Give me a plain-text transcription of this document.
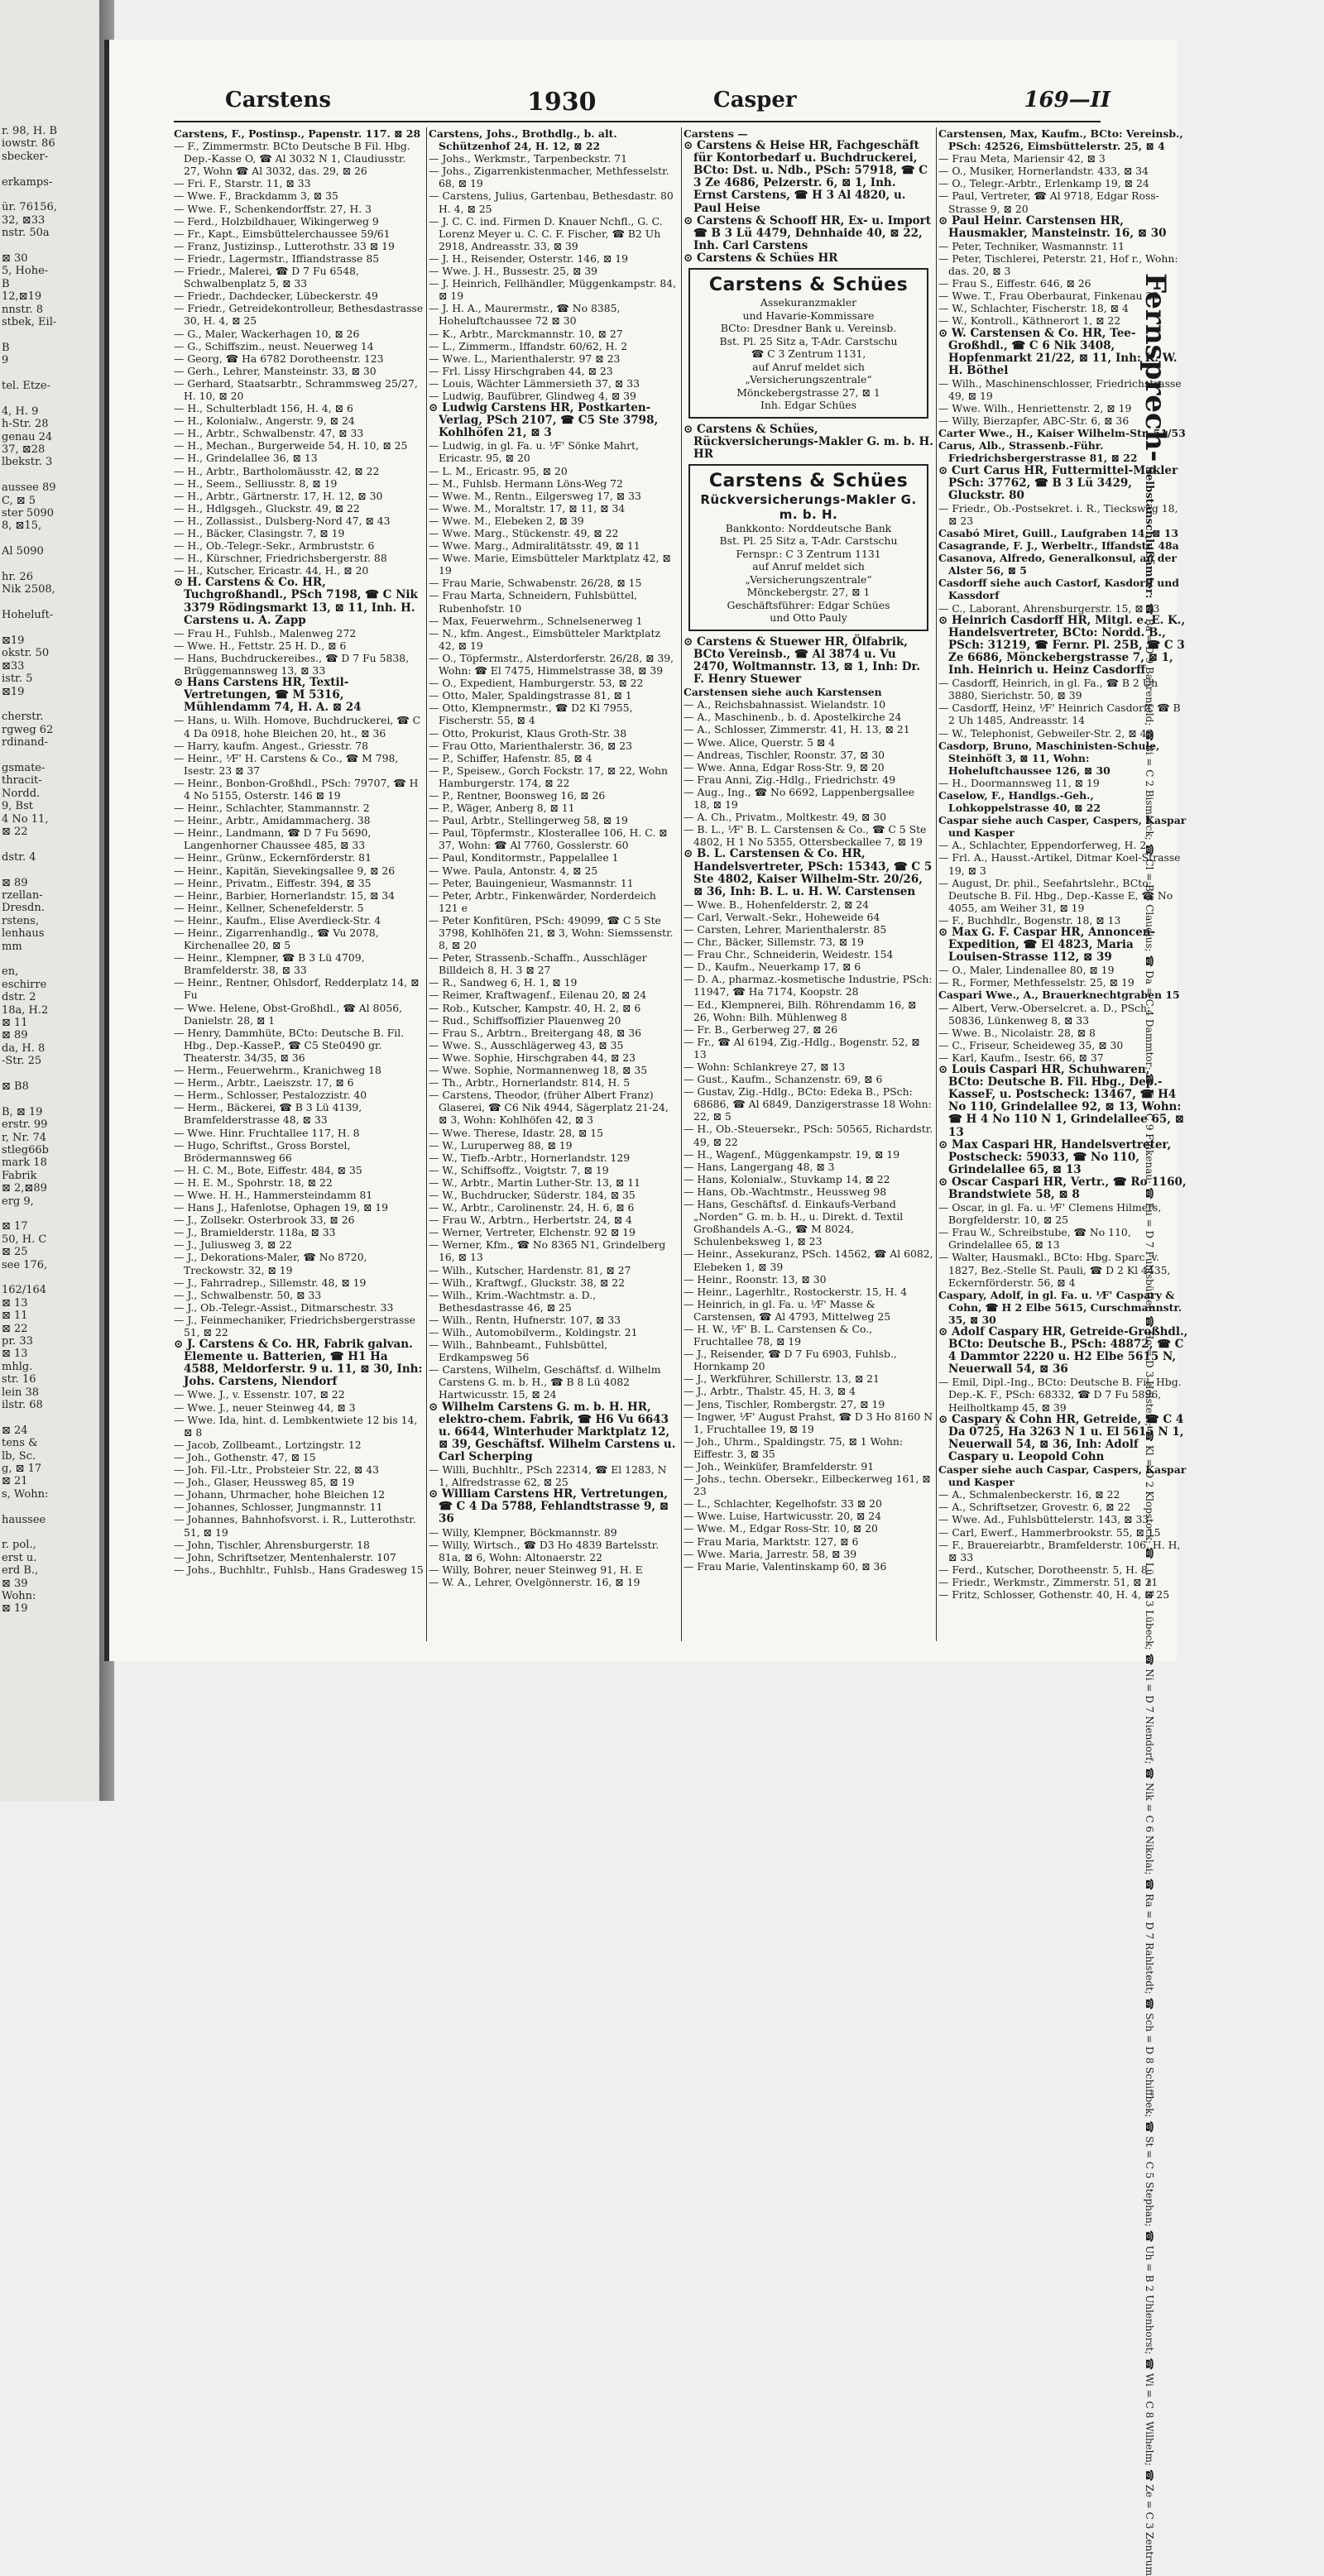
r. 98, H. B
iowstr. 86
sbecker-
erkamps-
ür. 76156,
32, ⊠33
nstr. 50a
⊠ 30
5, Hohe-
B
12,⊠19
nnstr. 8
stbek, Eil-
B
9
tel. Etze-
4, H. 9
h-Str. 28
genau 24
37, ⊠28
lbekstr. 3
aussee 89
C, ⊠ 5
ster 5090
8, ⊠15,
Al 5090
hr. 26
Nik 2508,
Hoheluft-
⊠19
okstr. 50
⊠33
istr. 5
⊠19
cherstr.
rgweg 62
rdinand-
gsmate-
thracit-
Nordd.
9, Bst
4 No 11,
⊠ 22
dstr. 4
⊠ 89
rzellan-
Dresdn.
rstens,
lenhaus
mm
en,
eschirre
dstr. 2
18a, H.2
⊠ 11
⊠ 89
da, H. 8
-Str. 25
⊠ B8
B, ⊠ 19
erstr. 99
r, Nr. 74
stleg66b
mark 18
Fabrik
⊠ 2,⊠89
erg 9,
⊠ 17
50, H. C
⊠ 25
see 176,
162/164
⊠ 13
⊠ 11
⊠ 22
pr. 33
⊠ 13
mhlg.
str. 16
lein 38
ilstr. 68
⊠ 24
tens &
lb, Sc.
g, ⊠ 17
⊠ 21
s, Wohn:
haussee
r. pol.,
erst u.
erd B.,
⊠ 39
Wohn:
⊠ 19
Carstens	1930	Casper	169—II

Carstens, F., Postinsp., Papenstr. 117. ⊠ 28

— F., Zimmermstr. BCto Deutsche B Fil. Hbg. Dep.-Kasse O, ☎ Al 3032 N 1, Claudiusstr. 27, Wohn ☎ Al 3032, das. 29, ⊠ 26

— Fri. F., Starstr. 11, ⊠ 33

— Wwe. F., Brackdamm 3, ⊠ 35

— Wwe. F., Schenkendorffstr. 27, H. 3

— Ferd., Holzbildhauer, Wikingerweg 9

— Fr., Kapt., Eimsbüttelerchaussee 59/61

— Franz, Justizinsp., Lutterothstr. 33 ⊠ 19

— Friedr., Lagermstr., Iffiandstrasse 85

— Friedr., Malerei, ☎ D 7 Fu 6548, Schwalbenplatz 5, ⊠ 33

— Friedr., Dachdecker, Lübeckerstr. 49

— Friedr., Getreidekontrolleur, Bethesdastrasse 30, H. 4, ⊠ 25

— G., Maler, Wackerhagen 10, ⊠ 26

— G., Schiffszim., neust. Neuerweg 14

— Georg, ☎ Ha 6782 Dorotheenstr. 123

— Gerh., Lehrer, Mansteinstr. 33, ⊠ 30

— Gerhard, Staatsarbtr., Schrammsweg 25/27, H. 10, ⊠ 20

— H., Schulterbladt 156, H. 4, ⊠ 6

— H., Kolonialw., Angerstr. 9, ⊠ 24

— H., Arbtr., Schwalbenstr. 47, ⊠ 33

— H., Mechan., Burgerweide 54, H. 10, ⊠ 25

— H., Grindelallee 36, ⊠ 13

— H., Arbtr., Bartholomäusstr. 42, ⊠ 22

— H., Seem., Selliusstr. 8, ⊠ 19

— H., Arbtr., Gärtnerstr. 17, H. 12, ⊠ 30

— H., Hdlgsgeh., Gluckstr. 49, ⊠ 22

— H., Zollassist., Dulsberg-Nord 47, ⊠ 43

— H., Bäcker, Clasingstr. 7, ⊠ 19

— H., Ob.-Telegr.-Sekr., Armbruststr. 6

— H., Kürschner, Friedrichsbergerstr. 88

— H., Kutscher, Ericastr. 44, H., ⊠ 20

⊙ H. Carstens & Co. HR, Tuchgroßhandl., PSch 7198, ☎ C Nik 3379 Rödingsmarkt 13, ⊠ 11, Inh. H. Carstens u. A. Zapp

— Frau H., Fuhlsb., Malenweg 272

— Wwe. H., Fettstr. 25 H. D., ⊠ 6

— Hans, Buchdruckereibes., ☎ D 7 Fu 5838, Brüggemannsweg 13, ⊠ 33

⊙ Hans Carstens HR, Textil-Vertretungen, ☎ M 5316, Mühlendamm 74, H. A. ⊠ 24

— Hans, u. Wilh. Homove, Buchdruckerei, ☎ C 4 Da 0918, hohe Bleichen 20, ht., ⊠ 36

— Harry, kaufm. Angest., Griesstr. 78

— Heinr., ⅟F' H. Carstens & Co., ☎ M 798, Isestr. 23 ⊠ 37

— Heinr., Bonbon-Großhdl., PSch: 79707, ☎ H 4 No 5155, Osterstr. 146 ⊠ 19

— Heinr., Schlachter, Stammannstr. 2

— Heinr., Arbtr., Amidammacherg. 38

— Heinr., Landmann, ☎ D 7 Fu 5690, Langenhorner Chaussee 485, ⊠ 33

— Heinr., Grünw., Eckernförderstr. 81

— Heinr., Kapitän, Sievekingsallee 9, ⊠ 26

— Heinr., Privatm., Eiffestr. 394, ⊠ 35

— Heinr., Barbier, Hornerlandstr. 15, ⊠ 34

— Heinr., Kellner, Schenefelderstr. 5

— Heinr., Kaufm., Elise Averdieck-Str. 4

— Heinr., Zigarrenhandlg., ☎ Vu 2078, Kirchenallee 20, ⊠ 5

— Heinr., Klempner, ☎ B 3 Lü 4709, Bramfelderstr. 38, ⊠ 33

— Heinr., Rentner, Ohlsdorf, Redderplatz 14, ⊠ Fu

— Wwe. Helene, Obst-Großhdl., ☎ Al 8056, Danielstr. 28, ⊠ 1

— Henry, Dammhüte, BCto: Deutsche B. Fil. Hbg., Dep.-KasseP., ☎ C5 Ste0490 gr. Theaterstr. 34/35, ⊠ 36

— Herm., Feuerwehrm., Kranichweg 18

— Herm., Arbtr., Laeiszstr. 17, ⊠ 6

— Herm., Schlosser, Pestalozzistr. 40

— Herm., Bäckerei, ☎ B 3 Lü 4139, Bramfelderstrasse 48, ⊠ 33

— Wwe. Hinr. Fruchtallee 117, H. 8

— Hugo, Schriftst., Gross Borstel, Brödermannsweg 66

— H. C. M., Bote, Eiffestr. 484, ⊠ 35

— H. E. M., Spohrstr. 18, ⊠ 22

— Wwe. H. H., Hammersteindamm 81

— Hans J., Hafenlotse, Ophagen 19, ⊠ 19

— J., Zollsekr. Osterbrook 33, ⊠ 26

— J., Bramielderstr. 118a, ⊠ 33

— J., Juliusweg 3, ⊠ 22

— J., Dekorations-Maler, ☎ No 8720, Treckowstr. 32, ⊠ 19

— J., Fahrradrep., Sillemstr. 48, ⊠ 19

— J., Schwalbenstr. 50, ⊠ 33

— J., Ob.-Telegr.-Assist., Ditmarschestr. 33

— J., Feinmechaniker, Friedrichsbergerstrasse 51, ⊠ 22

⊙ J. Carstens & Co. HR, Fabrik galvan. Elemente u. Batterien, ☎ H1 Ha 4588, Meldorferstr. 9 u. 11, ⊠ 30, Inh: Johs. Carstens, Niendorf

— Wwe. J., v. Essenstr. 107, ⊠ 22

— Wwe. J., neuer Steinweg 44, ⊠ 3

— Wwe. Ida, hint. d. Lembkentwiete 12 bis 14, ⊠ 8

— Jacob, Zollbeamt., Lortzingstr. 12

— Joh., Gothenstr. 47, ⊠ 15

— Joh. Fil.-Ltr., Probsteier Str. 22, ⊠ 43

— Joh., Glaser, Heussweg 85, ⊠ 19

— Johann, Uhrmacher, hohe Bleichen 12

— Johannes, Schlosser, Jungmannstr. 11

— Johannes, Bahnhofsvorst. i. R., Lutterothstr. 51, ⊠ 19

— John, Tischler, Ahrensburgerstr. 18

— John, Schriftsetzer, Mentenhalerstr. 107

— Johs., Buchhltr., Fuhlsb., Hans Gradesweg 15

Carstens, Johs., Brothdlg., b. alt. Schützenhof 24, H. 12, ⊠ 22

— Johs., Werkmstr., Tarpenbeckstr. 71

— Johs., Zigarrenkistenmacher, Methfesselstr. 68, ⊠ 19

— Carstens, Julius, Gartenbau, Bethesdastr. 80 H. 4, ⊠ 25

— J. C. C. ind. Firmen D. Knauer Nchfl., G. C. Lorenz Meyer u. C. C. F. Fischer, ☎ B2 Uh 2918, Andreasstr. 33, ⊠ 39

— J. H., Reisender, Osterstr. 146, ⊠ 19

— Wwe. J. H., Bussestr. 25, ⊠ 39

— J. Heinrich, Fellhändler, Müggenkampstr. 84, ⊠ 19

— J. H. A., Maurermstr., ☎ No 8385, Hoheluftchaussee 72 ⊠ 30

— K., Arbtr., Marckmannstr. 10, ⊠ 27

— L., Zimmerm., Iffandstr. 60/62, H. 2

— Wwe. L., Marienthalerstr. 97 ⊠ 23

— Frl. Lissy Hirschgraben 44, ⊠ 23

— Louis, Wächter Lämmersieth 37, ⊠ 33

— Ludwig, Baufübrer, Glindweg 4, ⊠ 39

⊙ Ludwig Carstens HR, Postkarten-Verlag, PSch 2107, ☎ C5 Ste 3798, Kohlhöfen 21, ⊠ 3

— Ludwig, in gl. Fa. u. ⅟F' Sönke Mahrt, Ericastr. 95, ⊠ 20

— L. M., Ericastr. 95, ⊠ 20

— M., Fuhlsb. Hermann Löns-Weg 72

— Wwe. M., Rentn., Eilgersweg 17, ⊠ 33

— Wwe. M., Moraltstr. 17, ⊠ 11, ⊠ 34

— Wwe. M., Elebeken 2, ⊠ 39

— Wwe. Marg., Stückenstr. 49, ⊠ 22

— Wwe. Marg., Admiralitätsstr. 49, ⊠ 11

— Wwe. Marie, Eimsbütteler Marktplatz 42, ⊠ 19

— Frau Marie, Schwabenstr. 26/28, ⊠ 15

— Frau Marta, Schneidern, Fuhlsbüttel, Rubenhofstr. 10

— Max, Feuerwehrm., Schnelsenerweg 1

— N., kfm. Angest., Eimsbütteler Marktplatz 42, ⊠ 19

— O., Töpfermstr., Alsterdorferstr. 26/28, ⊠ 39, Wohn: ☎ El 7475, Himmelstrasse 38, ⊠ 39

— O., Expedient, Hamburgerstr. 53, ⊠ 22

— Otto, Maler, Spaldingstrasse 81, ⊠ 1

— Otto, Klempnermstr., ☎ D2 Kl 7955, Fischerstr. 55, ⊠ 4

— Otto, Prokurist, Klaus Groth-Str. 38

— Frau Otto, Marienthalerstr. 36, ⊠ 23

— P., Schiffer, Hafenstr. 85, ⊠ 4

— P., Speisew., Gorch Fockstr. 17, ⊠ 22, Wohn Hamburgerstr. 174, ⊠ 22

— P., Rentner, Boonsweg 16, ⊠ 26

— P., Wäger, Anberg 8, ⊠ 11

— Paul, Arbtr., Stellingerweg 58, ⊠ 19

— Paul, Töpfermstr., Klosterallee 106, H. C. ⊠ 37, Wohn: ☎ Al 7760, Gosslerstr. 60

— Paul, Konditormstr., Pappelallee 1

— Wwe. Paula, Antonstr. 4, ⊠ 25

— Peter, Bauingenieur, Wasmannstr. 11

— Peter, Arbtr., Finkenwärder, Norderdeich 121 e

— Peter Konfitüren, PSch: 49099, ☎ C 5 Ste 3798, Kohlhöfen 21, ⊠ 3, Wohn: Siemssenstr. 8, ⊠ 20

— Peter, Strassenb.-Schaffn., Ausschläger Billdeich 8, H. 3 ⊠ 27

— R., Sandweg 6, H. 1, ⊠ 19

— Reimer, Kraftwagenf., Eilenau 20, ⊠ 24

— Rob., Kutscher, Kampstr. 40, H. 2, ⊠ 6

— Rud., Schiffsoffizier Plauenweg 20

— Frau S., Arbtrn., Breitergang 48, ⊠ 36

— Wwe. S., Ausschlägerweg 43, ⊠ 35

— Wwe. Sophie, Hirschgraben 44, ⊠ 23

— Wwe. Sophie, Normannenweg 18, ⊠ 35

— Th., Arbtr., Hornerlandstr. 814, H. 5

— Carstens, Theodor, (früher Albert Franz) Glaserei, ☎ C6 Nik 4944, Sägerplatz 21-24, ⊠ 3, Wohn: Kohlhöfen 42, ⊠ 3

— Wwe. Therese, Idastr. 28, ⊠ 15

— W., Luruperweg 88, ⊠ 19

— W., Tiefb.-Arbtr., Hornerlandstr. 129

— W., Schiffsoffz., Voigtstr. 7, ⊠ 19

— W., Arbtr., Martin Luther-Str. 13, ⊠ 11

— W., Buchdrucker, Süderstr. 184, ⊠ 35

— W., Arbtr., Carolinenstr. 24, H. 6, ⊠ 6

— Frau W., Arbtrn., Herbertstr. 24, ⊠ 4

— Werner, Vertreter, Elchenstr. 92 ⊠ 19

— Werner, Kfm., ☎ No 8365 N1, Grindelberg 16, ⊠ 13

— Wilh., Kutscher, Hardenstr. 81, ⊠ 27

— Wilh., Kraftwgf., Gluckstr. 38, ⊠ 22

— Wilh., Krim.-Wachtmstr. a. D., Bethesdastrasse 46, ⊠ 25

— Wilh., Rentn, Hufnerstr. 107, ⊠ 33

— Wilh., Automobilverm., Koldingstr. 21

— Wilh., Bahnbeamt., Fuhlsbüttel, Erdkampsweg 56

— Carstens, Wilhelm, Geschäftsf. d. Wilhelm Carstens G. m. b. H., ☎ B 8 Lü 4082 Hartwicusstr. 15, ⊠ 24

⊙ Wilhelm Carstens G. m. b. H. HR, elektro-chem. Fabrik, ☎ H6 Vu 6643 u. 6644, Winterhuder Marktplatz 12, ⊠ 39, Geschäftsf. Wilhelm Carstens u. Carl Scherping

— Willi, Buchhltr., PSch 22314, ☎ El 1283, N 1, Alfredstrasse 62, ⊠ 25

⊙ William Carstens HR, Vertretungen, ☎ C 4 Da 5788, Fehlandtstrasse 9, ⊠ 36

— Willy, Klempner, Böckmannstr. 89

— Willy, Wirtsch., ☎ D3 Ho 4839 Bartelsstr. 81a, ⊠ 6, Wohn: Altonaerstr. 22

— Willy, Bohrer, neuer Steinweg 91, H. E

— W. A., Lehrer, Ovelgönnerstr. 16, ⊠ 19

Carstens —

⊙ Carstens & Heise HR, Fachgeschäft für Kontorbedarf u. Buchdruckerei, BCto: Dst. u. Ndb., PSch: 57918, ☎ C 3 Ze 4686, Pelzerstr. 6, ⊠ 1, Inh. Ernst Carstens, ☎ H 3 Al 4820, u. Paul Heise

⊙ Carstens & Schooff HR, Ex- u. Import ☎ B 3 Lü 4479, Dehnhaide 40, ⊠ 22, Inh. Carl Carstens

⊙ Carstens & Schües HR

Carstens & Schües
Assekuranzmakler
und Havarie-Kommissare
BCto: Dresdner Bank u. Vereinsb.
Bst. Pl. 25 Sitz a, T-Adr. Carstschu
☎ C 3 Zentrum 1131,
auf Anruf meldet sich
„Versicherungszentrale“
Mönckebergstrasse 27, ⊠ 1
Inh. Edgar Schües

⊙ Carstens & Schües, Rückversicherungs-Makler G. m. b. H. HR

Carstens & Schües
Rückversicherungs-Makler G. m. b. H.
Bankkonto: Norddeutsche Bank
Bst. Pl. 25 Sitz a, T-Adr. Carstschu
Fernspr.: C 3 Zentrum 1131
auf Anruf meldet sich
„Versicherungszentrale“
Mönckebergstr. 27, ⊠ 1
Geschäftsführer: Edgar Schües
und Otto Pauly

⊙ Carstens & Stuewer HR, Ölfabrik, BCto Vereinsb., ☎ Al 3874 u. Vu 2470, Woltmannstr. 13, ⊠ 1, Inh: Dr. F. Henry Stuewer

Carstensen siehe auch Karstensen

— A., Reichsbahnassist. Wielandstr. 10

— A., Maschinenb., b. d. Apostelkirche 24

— A., Schlosser, Zimmerstr. 41, H. 13, ⊠ 21

— Wwe. Alice, Querstr. 5 ⊠ 4

— Andreas, Tischler, Roonstr. 37, ⊠ 30

— Wwe. Anna, Edgar Ross-Str. 9, ⊠ 20

— Frau Anni, Zig.-Hdlg., Friedrichstr. 49

— Aug., Ing., ☎ No 6692, Lappenbergsallee 18, ⊠ 19

— A. Ch., Privatm., Moltkestr. 49, ⊠ 30

— B. L., ⅟F' B. L. Carstensen & Co., ☎ C 5 Ste 4802, H 1 No 5355, Ottersbeckallee 7, ⊠ 19

⊙ B. L. Carstensen & Co. HR, Handelsvertreter, PSch: 15343, ☎ C 5 Ste 4802, Kaiser Wilhelm-Str. 20/26, ⊠ 36, Inh: B. L. u. H. W. Carstensen

— Wwe. B., Hohenfelderstr. 2, ⊠ 24

— Carl, Verwalt.-Sekr., Hoheweide 64

— Carsten, Lehrer, Marienthalerstr. 85

— Chr., Bäcker, Sillemstr. 73, ⊠ 19

— Frau Chr., Schneiderin, Weidestr. 154

— D., Kaufm., Neuerkamp 17, ⊠ 6

— D. A., pharmaz.-kosmetische Industrie, PSch: 11947, ☎ Ha 7174, Koopstr. 28

— Ed., Klempnerei, Bilh. Röhrendamm 16, ⊠ 26, Wohn: Bilh. Mühlenweg 8

— Fr. B., Gerberweg 27, ⊠ 26

— Fr., ☎ Al 6194, Zig.-Hdlg., Bogenstr. 52, ⊠ 13

— Wohn: Schlankreye 27, ⊠ 13

— Gust., Kaufm., Schanzenstr. 69, ⊠ 6

— Gustav, Zig.-Hdlg., BCto: Edeka B., PSch: 68686, ☎ Al 6849, Danzigerstrasse 18 Wohn: 22, ⊠ 5

— H., Ob.-Steuersekr., PSch: 50565, Richardstr. 49, ⊠ 22

— H., Wagenf., Müggenkampstr. 19, ⊠ 19

— Hans, Langergang 48, ⊠ 3

— Hans, Kolonialw., Stuvkamp 14, ⊠ 22

— Hans, Ob.-Wachtmstr., Heussweg 98

— Hans, Geschäftsf. d. Einkaufs-Verband „Norden“ G. m. b. H., u. Direkt. d. Textil Großhandels A.-G., ☎ M 8024, Schulenbeksweg 1, ⊠ 23

— Heinr., Assekuranz, PSch. 14562, ☎ Al 6082, Elebeken 1, ⊠ 39

— Heinr., Roonstr. 13, ⊠ 30

— Heinr., Lagerhltr., Rostockerstr. 15, H. 4

— Heinrich, in gl. Fa. u. ⅟F' Masse & Carstensen, ☎ Al 4793, Mittelweg 25

— H. W., ⅟F' B. L. Carstensen & Co., Fruchtallee 78, ⊠ 19

— J., Reisender, ☎ D 7 Fu 6903, Fuhlsb., Hornkamp 20

— J., Werkführer, Schillerstr. 13, ⊠ 21

— J., Arbtr., Thalstr. 45, H. 3, ⊠ 4

— Jens, Tischler, Rombergstr. 27, ⊠ 19

— Ingwer, ⅟F' August Prahst, ☎ D 3 Ho 8160 N 1, Fruchtallee 19, ⊠ 19

— Joh., Uhrm., Spaldingstr. 75, ⊠ 1 Wohn: Eiffestr. 3, ⊠ 35

— Joh., Weinküfer, Bramfelderstr. 91

— Johs., techn. Obersekr., Eilbeckerweg 161, ⊠ 23

— L., Schlachter, Kegelhofstr. 33 ⊠ 20

— Wwe. Luise, Hartwicusstr. 20, ⊠ 24

— Wwe. M., Edgar Ross-Str. 10, ⊠ 20

— Frau Maria, Marktstr. 127, ⊠ 6

— Wwe. Maria, Jarrestr. 58, ⊠ 39

— Frau Marie, Valentinskamp 60, ⊠ 36

Carstensen, Max, Kaufm., BCto: Vereinsb., PSch: 42526, Eimsbüttelerstr. 25, ⊠ 4

— Frau Meta, Mariensir 42, ⊠ 3

— O., Musiker, Hornerlandstr. 433, ⊠ 34

— O., Telegr.-Arbtr., Erlenkamp 19, ⊠ 24

— Paul, Vertreter, ☎ Al 9718, Edgar Ross-Strasse 9, ⊠ 20

⊙ Paul Heinr. Carstensen HR, Hausmakler, Mansteinstr. 16, ⊠ 30

— Peter, Techniker, Wasmannstr. 11

— Peter, Tischlerei, Peterstr. 21, Hof r., Wohn: das. 20, ⊠ 3

— Frau S., Eiffestr. 646, ⊠ 26

— Wwe. T., Frau Oberbaurat, Finkenau 29

— W., Schlachter, Fischerstr. 18, ⊠ 4

— W., Kontroll., Käthnerort 1, ⊠ 22

⊙ W. Carstensen & Co. HR, Tee-Großhdl., ☎ C 6 Nik 3408, Hopfenmarkt 21/22, ⊠ 11, Inh: K. W. H. Böthel

— Wilh., Maschinenschlosser, Friedrichstrasse 49, ⊠ 19

— Wwe. Wilh., Henriettenstr. 2, ⊠ 19

— Willy, Bierzapfer, ABC-Str. 6, ⊠ 36

Carter Wwe., H., Kaiser Wilhelm-Str. 51/53

Carus, Alb., Strassenb.-Führ. Friedrichsbergerstrasse 81, ⊠ 22

⊙ Curt Carus HR, Futtermittel-Makler PSch: 37762, ☎ B 3 Lü 3429, Gluckstr. 80

— Friedr., Ob.-Postsekret. i. R., Tiecksweg 18, ⊠ 23

Casabó Miret, Guill., Laufgraben 14, ⊠ 13

Casagrande, F. J., Werbeltr., Iffandstr. 48a

Casanova, Alfredo, Generalkonsul, an der Alster 56, ⊠ 5

Casdorff siehe auch Castorf, Kasdorff und Kassdorf

— C., Laborant, Ahrensburgerstr. 15, ⊠ 33

⊙ Heinrich Casdorff HR, Mitgl. e. E. K., Handelsvertreter, BCto: Nordd. B., PSch: 31219, ☎ Fernr. Pl. 25B, ☎ C 3 Ze 6686, Mönckebergstrasse 7, ⊠ 1, Inh. Heinrich u. Heinz Casdorff

— Casdorff, Heinrich, in gl. Fa., ☎ B 2 Uh 3880, Sierichstr. 50, ⊠ 39

— Casdorff, Heinz, ⅟F' Heinrich Casdorff, ☎ B 2 Uh 1485, Andreasstr. 14

— W., Telephonist, Gebweiler-Str. 2, ⊠ 43

Casdorp, Bruno, Maschinisten-Schule, Steinhöft 3, ⊠ 11, Wohn: Hoheluftchaussee 126, ⊠ 30

— H., Doormannsweg 11, ⊠ 19

Caselow, F., Handlgs.-Geh., Lohkoppelstrasse 40, ⊠ 22

Caspar siehe auch Casper, Caspers, Kaspar und Kasper

— A., Schlachter, Eppendorferweg, H. 2

— Frl. A., Hausst.-Artikel, Ditmar Koel-Strasse 19, ⊠ 3

— August, Dr. phil., Seefahrtslehr., BCto: Deutsche B. Fil. Hbg., Dep.-Kasse E, ☎ No 4055, am Weiher 31, ⊠ 19

— F., Buchhdlr., Bogenstr. 18, ⊠ 13

⊙ Max G. F. Caspar HR, Annoncen-Expedition, ☎ El 4823, Maria Louisen-Strasse 112, ⊠ 39

— O., Maler, Lindenallee 80, ⊠ 19

— R., Former, Methfesselstr. 25, ⊠ 19

Caspari Wwe., A., Brauerknechtgraben 15

— Albert, Verw.-Oberselcret. a. D., PSch: 50836, Lünkenweg 8, ⊠ 33

— Wwe. B., Nicolaistr. 28, ⊠ 8

— C., Friseur, Scheideweg 35, ⊠ 30

— Karl, Kaufm., Isestr. 66, ⊠ 37

⊙ Louis Caspari HR, Schuhwaren, BCto: Deutsche B. Fil. Hbg., Dep.-KasseF, u. Postscheck: 13467, ☎ H4 No 110, Grindelallee 92, ⊠ 13, Wohn: ☎ H 4 No 110 N 1, Grindelallee 65, ⊠ 13

⊙ Max Caspari HR, Handelsvertreter, Postscheck: 59033, ☎ No 110, Grindelallee 65, ⊠ 13

⊙ Oscar Caspari HR, Vertr., ☎ Ro 1160, Brandstwiete 58, ⊠ 8

— Oscar, in gl. Fa. u. ⅟F' Clemens Hilmers, Borgfelderstr. 10, ⊠ 25

— Frau W., Schreibstube, ☎ No 110, Grindelallee 65, ⊠ 13

— Walter, Hausmakl., BCto: Hbg. Sparc. v. 1827, Bez.-Stelle St. Pauli, ☎ D 2 Kl 4435, Eckernförderstr. 56, ⊠ 4

Caspary, Adolf, in gl. Fa. u. ⅟F' Caspary & Cohn, ☎ H 2 Elbe 5615, Curschmannstr. 35, ⊠ 30

⊙ Adolf Caspary HR, Getreide-Großhdl., BCto: Deutsche B., PSch: 48872, ☎ C 4 Dammtor 2220 u. H2 Elbe 5615 N, Neuerwall 54, ⊠ 36

— Emil, Dipl.-Ing., BCto: Deutsche B. Fil. Hbg. Dep.-K. F., PSch: 68332, ☎ D 7 Fu 5896, Heilholtkamp 45, ⊠ 39

⊙ Caspary & Cohn HR, Getreide, ☎ C 4 Da 0725, Ha 3263 N 1 u. El 5615 N 1, Neuerwall 54, ⊠ 36, Inh: Adolf Caspary u. Leopold Cohn

Casper siehe auch Caspar, Caspers, Kaspar und Kasper

— A., Schmalenbeckerstr. 16, ⊠ 22

— A., Schriftsetzer, Grovestr. 6, ⊠ 22

— Wwe. Ad., Fuhlsbüttelerstr. 143, ⊠ 33

— Carl, Ewerf., Hammerbrookstr. 55, ⊠ 15

— F., Brauereiarbtr., Bramfelderstr. 106, H. H, ⊠ 33

— Ferd., Kutscher, Dorotheenstr. 5, H. 8

— Friedr., Werkmstr., Zimmerstr. 51, ⊠ 21

— Fritz, Schlosser, Gothenstr. 40, H. 4, ⊠ 25

Fernsprech- Selbstanschlußämter: ☎ Ba = D 9 Bahrenfeld; ☎ Bi = C 2 Bismarck; ☎ Cl = B 8 Claudius; ☎ Da = C 4 Dammtor; ☎ Fi = C 9 Finkenau; ☎ Fu = D 7 Fuhlsbüttel; ☎ Ho = D 3 Holstein; ☎ Kl = D 2 Klopstock; ☎ Lü = B 3 Lübeck; ☎ Ni = D 7 Niendorf; ☎ Nik = C 6 Nikolai; ☎ Ra = D 7 Rahlstedt; ☎ Sch = D 8 Schiffbek; ☎ St = C 5 Stephan; ☎ Uh = B 2 Uhlenhorst; ☎ Wi = C 8 Wilhelm; ☎ Ze = C 3 Zentrum
